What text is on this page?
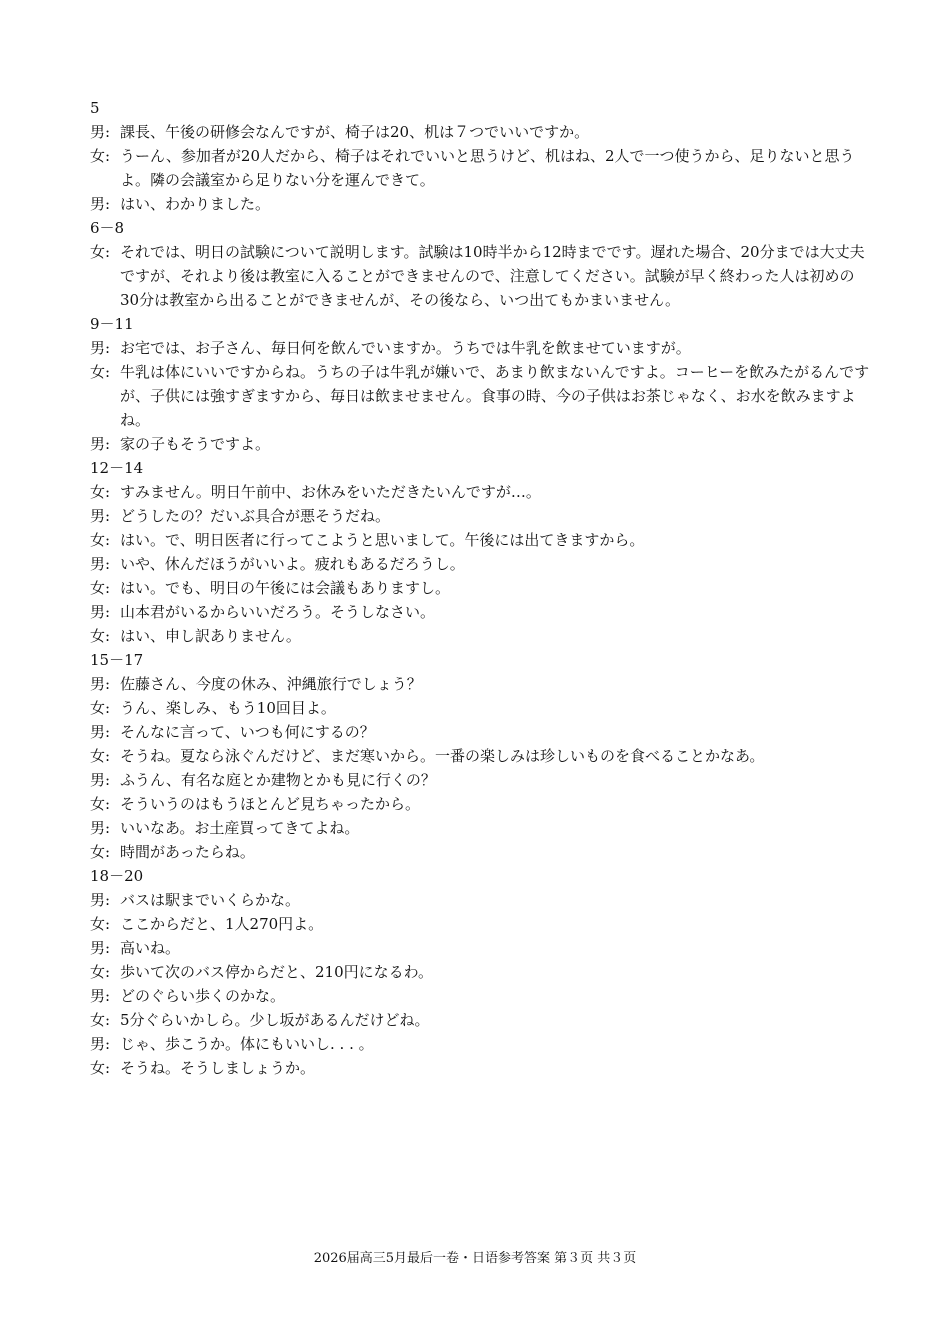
5

男: 課長、午後の研修会なんですが、椅子は20、机は７つでいいですか。
女: うーん、参加者が20人だから、椅子はそれでいいと思うけど、机はね、2人で一つ使うから、足りないと思うよ。隣の会議室から足りない分を運んできて。
男: はい、わかりました。

6－8

女: それでは、明日の試験について説明します。試験は10時半から12時までです。遅れた場合、20分までは大丈夫ですが、それより後は教室に入ることができませんので、注意してください。試験が早く終わった人は初めの30分は教室から出ることができませんが、その後なら、いつ出てもかまいません。

9－11

男: お宅では、お子さん、毎日何を飲んでいますか。うちでは牛乳を飲ませていますが。
女: 牛乳は体にいいですからね。うちの子は牛乳が嫌いで、あまり飲まないんですよ。コーヒーを飲みたがるんですが、子供には強すぎますから、毎日は飲ませません。食事の時、今の子供はお茶じゃなく、お水を飲みますよね。
男: 家の子もそうですよ。

12－14

女: すみません。明日午前中、お休みをいただきたいんですが…。
男: どうしたの？だいぶ具合が悪そうだね。
女: はい。で、明日医者に行ってこようと思いまして。午後には出てきますから。
男: いや、休んだほうがいいよ。疲れもあるだろうし。
女: はい。でも、明日の午後には会議もありますし。
男: 山本君がいるからいいだろう。そうしなさい。
女: はい、申し訳ありません。

15－17

男: 佐藤さん、今度の休み、沖縄旅行でしょう？
女: うん、楽しみ、もう10回目よ。
男: そんなに言って、いつも何にするの？
女: そうね。夏なら泳ぐんだけど、まだ寒いから。一番の楽しみは珍しいものを食べることかなあ。
男: ふうん、有名な庭とか建物とかも見に行くの？
女: そういうのはもうほとんど見ちゃったから。
男: いいなあ。お土産買ってきてよね。
女: 時間があったらね。

18－20

男: バスは駅までいくらかな。
女: ここからだと、1人270円よ。
男: 高いね。
女: 歩いて次のバス停からだと、210円になるわ。
男: どのぐらい歩くのかな。
女: 5分ぐらいかしら。少し坂があるんだけどね。
男: じゃ、歩こうか。体にもいいし. . . 。
女: そうね。そうしましょうか。
2026届高三5月最后一卷・日语参考答案 第３页 共３页
